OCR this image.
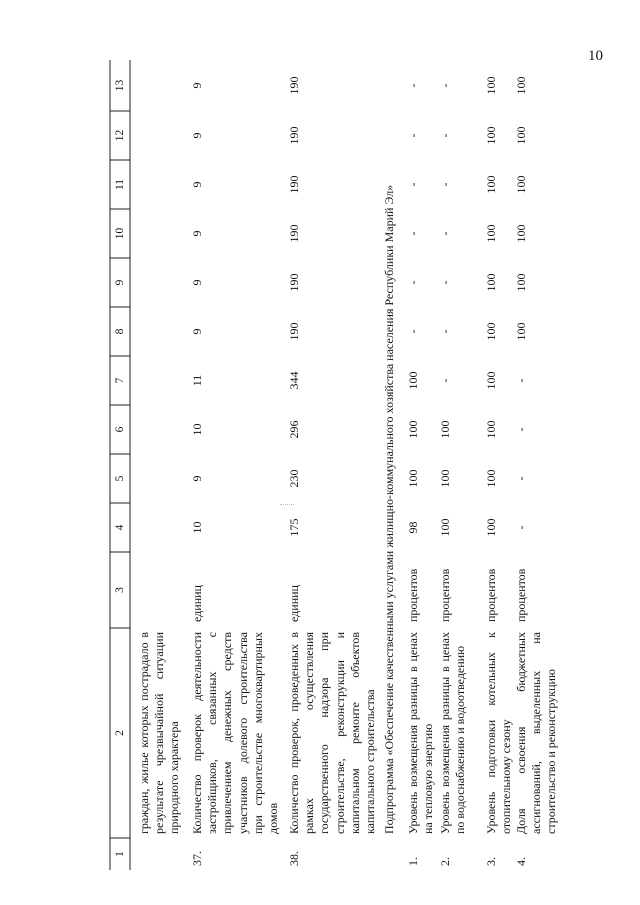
10
1
2
3
4
5
6
7
8
9
10
11
12
13
граждан, жилье которых пострадало в результате чрезвычайной ситуации природного характера
37.
Количество проверок деятельности застройщиков, связанных с привлечением денежных средств участников долевого строительства при строительстве многоквартирных домов
единиц
10
9
10
11
9
9
9
9
9
9
38.
Количество проверок, проведенных в рамках осуществления государственного надзора при строительстве, реконструкции и капитальном ремонте объектов капитального строительства
единиц
175
230
296
344
190
190
190
190
190
190
Подпрограмма «Обеспечение качественными услугами жилищно-коммунального хозяйства населения Республики Марий Эл»
1.
Уровень возмещения разницы в ценах на тепловую энергию
процентов
98
100
100
100
-
-
-
-
-
-
2.
Уровень возмещения разницы в ценах по водоснабжению и водоотведению
процентов
100
100
100
-
-
-
-
-
-
-
3.
Уровень подготовки котельных к отопительному сезону
процентов
100
100
100
100
100
100
100
100
100
100
4.
Доля освоения бюджетных ассигнований, выделенных на строительство и реконструкцию
процентов
-
-
-
-
100
100
100
100
100
100
